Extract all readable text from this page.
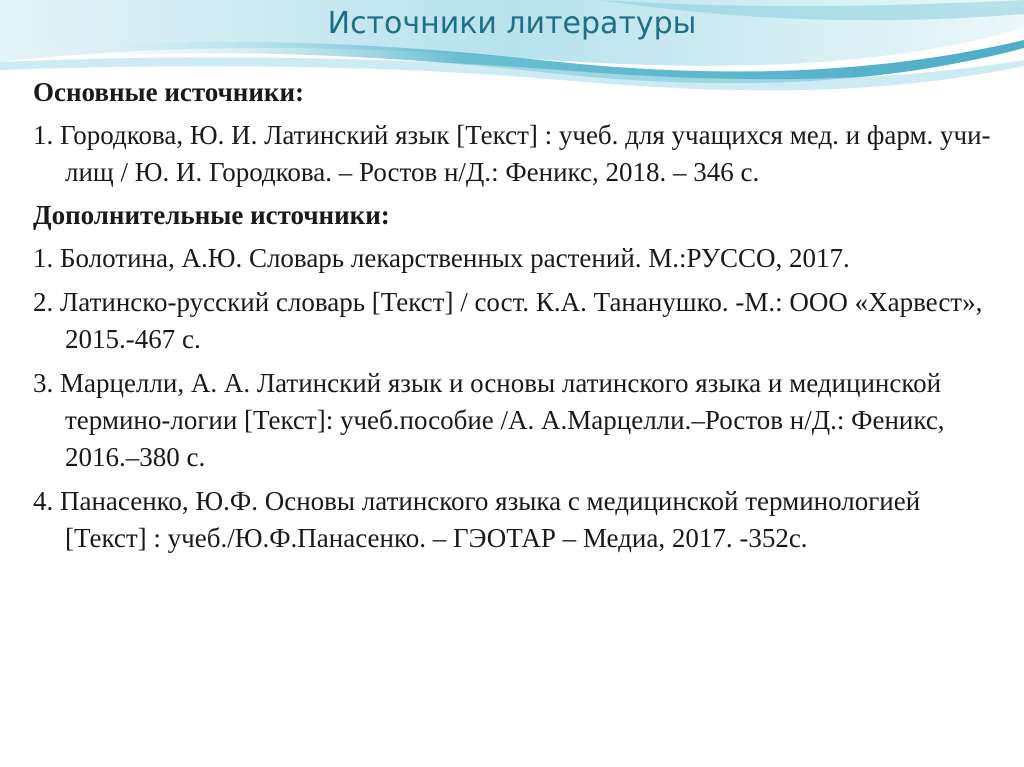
Источники литературы

Основные источники:

1. Городкова, Ю. И. Латинский язык [Текст] : учеб. для учащихся мед. и фарм. учи-лищ / Ю. И. Городкова. – Ростов н/Д.: Феникс, 2018. – 346 с.

Дополнительные источники:

1. Болотина, А.Ю. Словарь лекарственных растений. М.:РУССО, 2017.

2. Латинско-русский словарь [Текст] / сост. К.А. Тананушко. -М.: ООО «Харвест», 2015.-467 с.

3. Марцелли, А. А. Латинский язык и основы латинского языка и медицинской термино-логии [Текст]: учеб.пособие /А. А.Марцелли.–Ростов н/Д.: Феникс, 2016.–380 с.

4. Панасенко, Ю.Ф. Основы латинского языка с медицинской терминологией [Текст] : учеб./Ю.Ф.Панасенко. – ГЭОТАР – Медиа, 2017. -352с.
